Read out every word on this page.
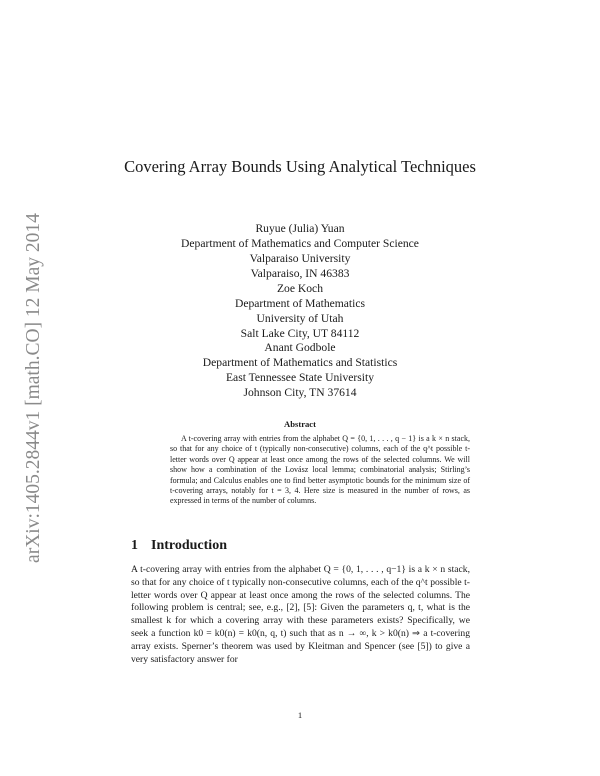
arXiv:1405.2844v1 [math.CO] 12 May 2014
Covering Array Bounds Using Analytical Techniques
Ruyue (Julia) Yuan
Department of Mathematics and Computer Science
Valparaiso University
Valparaiso, IN 46383
Zoe Koch
Department of Mathematics
University of Utah
Salt Lake City, UT 84112
Anant Godbole
Department of Mathematics and Statistics
East Tennessee State University
Johnson City, TN 37614
Abstract

A t-covering array with entries from the alphabet Q = {0, 1, . . . , q − 1} is a k × n stack, so that for any choice of t (typically non-consecutive) columns, each of the q^t possible t-letter words over Q appear at least once among the rows of the selected columns. We will show how a combination of the Lovász local lemma; combinatorial analysis; Stirling’s formula; and Calculus enables one to find better asymptotic bounds for the minimum size of t-covering arrays, notably for t = 3, 4. Here size is measured in the number of rows, as expressed in terms of the number of columns.

1 Introduction

A t-covering array with entries from the alphabet Q = {0, 1, . . . , q−1} is a k × n stack, so that for any choice of t typically non-consecutive columns, each of the q^t possible t-letter words over Q appear at least once among the rows of the selected columns. The following problem is central; see, e.g., [2], [5]: Given the parameters q, t, what is the smallest k for which a covering array with these parameters exists? Specifically, we seek a function k0 = k0(n) = k0(n, q, t) such that as n → ∞, k > k0(n) ⇒ a t-covering array exists. Sperner’s theorem was used by Kleitman and Spencer (see [5]) to give a very satisfactory answer for

1
